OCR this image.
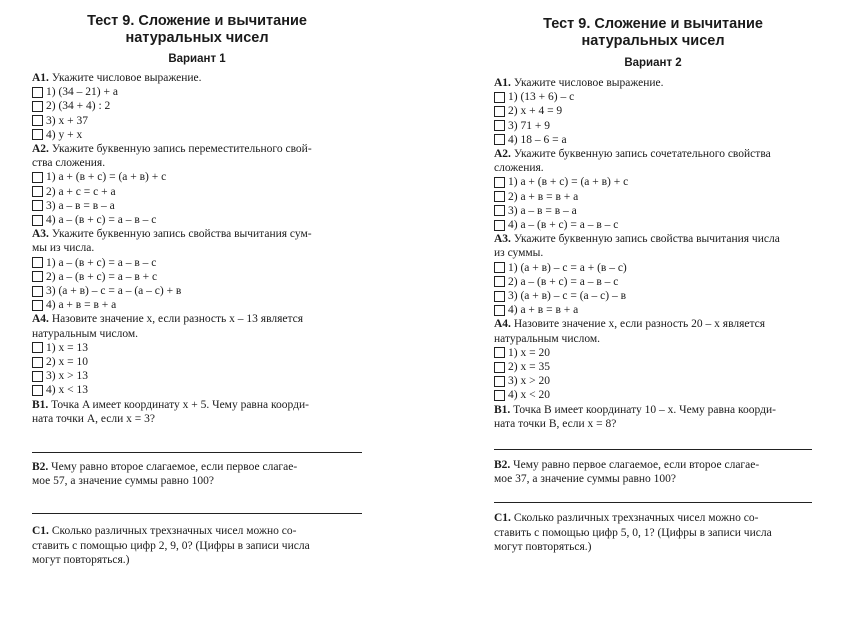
Тест 9. Сложение и вычитание
натуральных чисел
Вариант 1
А1. Укажите числовое выражение.
1) (34 – 21) + a
2) (34 + 4) : 2
3) x + 37
4) y + x
А2. Укажите буквенную запись переместительного свой-
ства сложения.
1) a + (в + с) = (a + в) + с
2) a + с = с + a
3) a – в = в – a
4) a – (в + с) = a – в – с
А3. Укажите буквенную запись свойства вычитания сум-
мы из числа.
1) a – (в + с) = a – в – с
2) a – (в + с) = a – в + с
3) (a + в) – с = a – (a – с) + в
4) a + в = в + a
А4. Назовите значение x, если разность x – 13 является
натуральным числом.
1) x = 13
2) x = 10
3) x > 13
4) x < 13
В1. Точка A имеет координату x + 5. Чему равна коорди-
ната точки A, если x = 3?
В2. Чему равно второе слагаемое, если первое слагае-
мое 57, а значение суммы равно 100?
С1. Сколько различных трехзначных чисел можно со-
ставить с помощью цифр 2, 9, 0? (Цифры в записи числа
могут повторяться.)
Тест 9. Сложение и вычитание
натуральных чисел
Вариант 2
А1. Укажите числовое выражение.
1) (13 + 6) – с
2) x + 4 = 9
3) 71 + 9
4) 18 – 6 = a
А2. Укажите буквенную запись сочетательного свойства
сложения.
1) a + (в + с) = (a + в) + с
2) a + в = в + a
3) a – в = в – a
4) a – (в + с) = a – в – с
А3. Укажите буквенную запись свойства вычитания числа
из суммы.
1) (a + в) – с = a + (в – с)
2) a – (в + с) = a – в – с
3) (a + в) – с = (a – с) – в
4) a + в = в + a
А4. Назовите значение x, если разность 20 – x является
натуральным числом.
1) x = 20
2) x = 35
3) x > 20
4) x < 20
В1. Точка B имеет координату 10 – x. Чему равна коорди-
ната точки B, если x = 8?
В2. Чему равно первое слагаемое, если второе слагае-
мое 37, а значение суммы равно 100?
С1. Сколько различных трехзначных чисел можно со-
ставить с помощью цифр 5, 0, 1? (Цифры в записи числа
могут повторяться.)
